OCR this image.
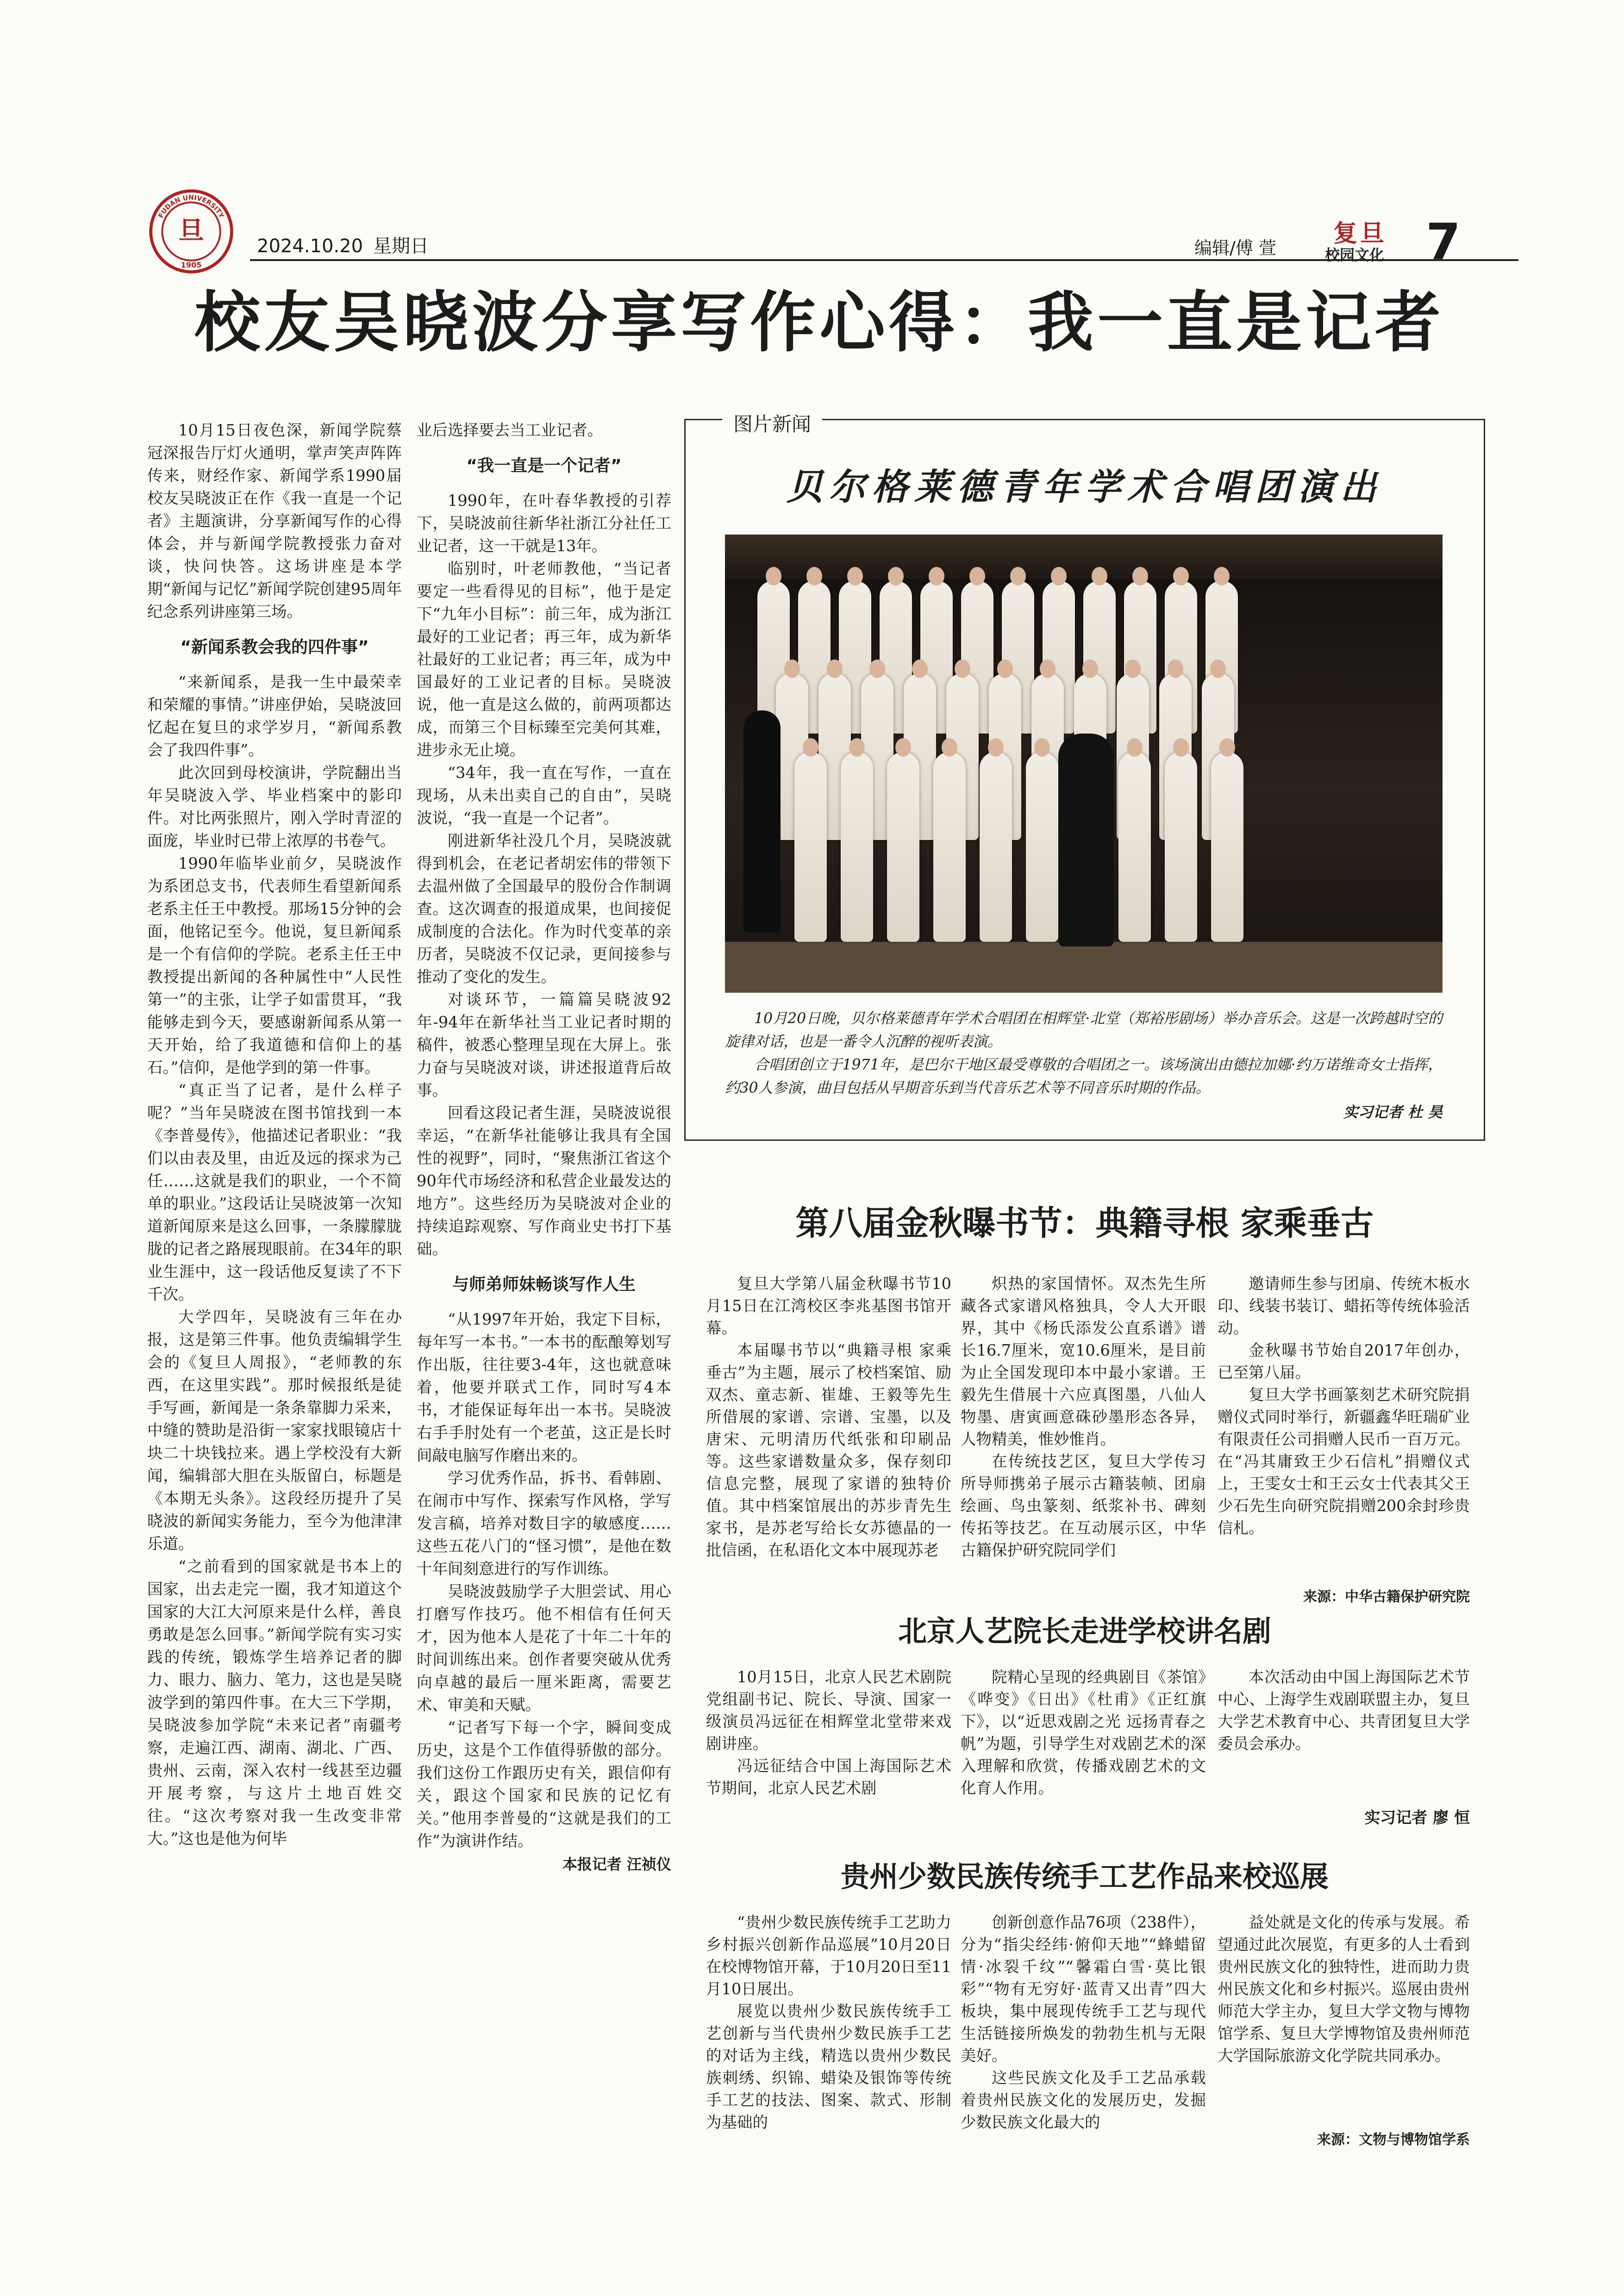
FUDAN UNIVERSITY
旦
1905
2024.10.20 星期日	编辑/傅 萱
复旦
校园文化 7
校友吴晓波分享写作心得：我一直是记者

10月15日夜色深，新闻学院蔡冠深报告厅灯火通明，掌声笑声阵阵传来，财经作家、新闻学系1990届校友吴晓波正在作《我一直是一个记者》主题演讲，分享新闻写作的心得体会，并与新闻学院教授张力奋对谈，快问快答。这场讲座是本学期“新闻与记忆”新闻学院创建95周年纪念系列讲座第三场。

“新闻系教会我的四件事”

“来新闻系，是我一生中最荣幸和荣耀的事情。”讲座伊始，吴晓波回忆起在复旦的求学岁月，“新闻系教会了我四件事”。

此次回到母校演讲，学院翻出当年吴晓波入学、毕业档案中的影印件。对比两张照片，刚入学时青涩的面庞，毕业时已带上浓厚的书卷气。

1990年临毕业前夕，吴晓波作为系团总支书，代表师生看望新闻系老系主任王中教授。那场15分钟的会面，他铭记至今。他说，复旦新闻系是一个有信仰的学院。老系主任王中教授提出新闻的各种属性中“人民性第一”的主张，让学子如雷贯耳，“我能够走到今天，要感谢新闻系从第一天开始，给了我道德和信仰上的基石。”信仰，是他学到的第一件事。

“真正当了记者，是什么样子呢？”当年吴晓波在图书馆找到一本《李普曼传》，他描述记者职业：“我们以由表及里，由近及远的探求为己任……这就是我们的职业，一个不简单的职业。”这段话让吴晓波第一次知道新闻原来是这么回事，一条朦朦胧胧的记者之路展现眼前。在34年的职业生涯中，这一段话他反复读了不下千次。

大学四年，吴晓波有三年在办报，这是第三件事。他负责编辑学生会的《复旦人周报》，“老师教的东西，在这里实践”。那时候报纸是徒手写画，新闻是一条条靠脚力采来，中缝的赞助是沿街一家家找眼镜店十块二十块钱拉来。遇上学校没有大新闻，编辑部大胆在头版留白，标题是《本期无头条》。这段经历提升了吴晓波的新闻实务能力，至今为他津津乐道。

“之前看到的国家就是书本上的国家，出去走完一圈，我才知道这个国家的大江大河原来是什么样，善良勇敢是怎么回事。”新闻学院有实习实践的传统，锻炼学生培养记者的脚力、眼力、脑力、笔力，这也是吴晓波学到的第四件事。在大三下学期，吴晓波参加学院“未来记者”南疆考察，走遍江西、湖南、湖北、广西、贵州、云南，深入农村一线甚至边疆开展考察，与这片土地百姓交往。“这次考察对我一生改变非常大。”这也是他为何毕

业后选择要去当工业记者。

“我一直是一个记者”

1990年，在叶春华教授的引荐下，吴晓波前往新华社浙江分社任工业记者，这一干就是13年。

临别时，叶老师教他，“当记者要定一些看得见的目标”，他于是定下“九年小目标”：前三年，成为浙江最好的工业记者；再三年，成为新华社最好的工业记者；再三年，成为中国最好的工业记者的目标。吴晓波说，他一直是这么做的，前两项都达成，而第三个目标臻至完美何其难，进步永无止境。

“34年，我一直在写作，一直在现场，从未出卖自己的自由”，吴晓波说，“我一直是一个记者”。

刚进新华社没几个月，吴晓波就得到机会，在老记者胡宏伟的带领下去温州做了全国最早的股份合作制调查。这次调查的报道成果，也间接促成制度的合法化。作为时代变革的亲历者，吴晓波不仅记录，更间接参与推动了变化的发生。

对谈环节，一篇篇吴晓波92年-94年在新华社当工业记者时期的稿件，被悉心整理呈现在大屏上。张力奋与吴晓波对谈，讲述报道背后故事。

回看这段记者生涯，吴晓波说很幸运，“在新华社能够让我具有全国性的视野”，同时，“聚焦浙江省这个90年代市场经济和私营企业最发达的地方”。这些经历为吴晓波对企业的持续追踪观察、写作商业史书打下基础。

与师弟师妹畅谈写作人生

“从1997年开始，我定下目标，每年写一本书。”一本书的酝酿筹划写作出版，往往要3-4年，这也就意味着，他要并联式工作，同时写4本书，才能保证每年出一本书。吴晓波右手手肘处有一个老茧，这正是长时间敲电脑写作磨出来的。

学习优秀作品，拆书、看韩剧、在闹市中写作、探索写作风格，学写发言稿，培养对数目字的敏感度……这些五花八门的“怪习惯”，是他在数十年间刻意进行的写作训练。

吴晓波鼓励学子大胆尝试、用心打磨写作技巧。他不相信有任何天才，因为他本人是花了十年二十年的时间训练出来。创作者要突破从优秀向卓越的最后一厘米距离，需要艺术、审美和天赋。

“记者写下每一个字，瞬间变成历史，这是个工作值得骄傲的部分。我们这份工作跟历史有关，跟信仰有关，跟这个国家和民族的记忆有关。”他用李普曼的“这就是我们的工作”为演讲作结。

本报记者 汪祯仪
图片新闻
贝尔格莱德青年学术合唱团演出

10月20日晚，贝尔格莱德青年学术合唱团在相辉堂·北堂（郑裕彤剧场）举办音乐会。这是一次跨越时空的旋律对话，也是一番令人沉醉的视听表演。

合唱团创立于1971年，是巴尔干地区最受尊敬的合唱团之一。该场演出由德拉加娜·约万诺维奇女士指挥，约30人参演，曲目包括从早期音乐到当代音乐艺术等不同音乐时期的作品。

实习记者 杜 昊
第八届金秋曝书节：典籍寻根 家乘垂古

复旦大学第八届金秋曝书节10月15日在江湾校区李兆基图书馆开幕。

本届曝书节以“典籍寻根 家乘垂古”为主题，展示了校档案馆、励双杰、童志新、崔雄、王毅等先生所借展的家谱、宗谱、宝墨，以及唐宋、元明清历代纸张和印刷品等。这些家谱数量众多，保存刻印信息完整，展现了家谱的独特价值。其中档案馆展出的苏步青先生家书，是苏老写给长女苏德晶的一批信函，在私语化文本中展现苏老

炽热的家国情怀。双杰先生所藏各式家谱风格独具，令人大开眼界，其中《杨氏添发公直系谱》谱长16.7厘米，宽10.6厘米，是目前为止全国发现印本中最小家谱。王毅先生借展十六应真图墨，八仙人物墨、唐寅画意硃砂墨形态各异，人物精美，惟妙惟肖。

在传统技艺区，复旦大学传习所导师携弟子展示古籍装帧、团扇绘画、鸟虫篆刻、纸浆补书、碑刻传拓等技艺。在互动展示区，中华古籍保护研究院同学们

邀请师生参与团扇、传统木板水印、线装书装订、蜡拓等传统体验活动。

金秋曝书节始自2017年创办，已至第八届。

复旦大学书画篆刻艺术研究院捐赠仪式同时举行，新疆鑫华旺瑞矿业有限责任公司捐赠人民币一百万元。在“冯其庸致王少石信札”捐赠仪式上，王雯女士和王云女士代表其父王少石先生向研究院捐赠200余封珍贵信札。

来源：中华古籍保护研究院
北京人艺院长走进学校讲名剧

10月15日，北京人民艺术剧院党组副书记、院长、导演、国家一级演员冯远征在相辉堂北堂带来戏剧讲座。

冯远征结合中国上海国际艺术节期间，北京人民艺术剧

院精心呈现的经典剧目《茶馆》《哗变》《日出》《杜甫》《正红旗下》，以“近思戏剧之光 远扬青春之帆”为题，引导学生对戏剧艺术的深入理解和欣赏，传播戏剧艺术的文化育人作用。

本次活动由中国上海国际艺术节中心、上海学生戏剧联盟主办，复旦大学艺术教育中心、共青团复旦大学委员会承办。

实习记者 廖 恒
贵州少数民族传统手工艺作品来校巡展

“贵州少数民族传统手工艺助力乡村振兴创新作品巡展”10月20日在校博物馆开幕，于10月20日至11月10日展出。

展览以贵州少数民族传统手工艺创新与当代贵州少数民族手工艺的对话为主线，精选以贵州少数民族刺绣、织锦、蜡染及银饰等传统手工艺的技法、图案、款式、形制为基础的

创新创意作品76项（238件），分为“指尖经纬·俯仰天地”“蜂蜡留情·冰裂千纹”“馨霜白雪·莫比银彩”“物有无穷好·蓝青又出青”四大板块，集中展现传统手工艺与现代生活链接所焕发的勃勃生机与无限美好。

这些民族文化及手工艺品承载着贵州民族文化的发展历史，发掘少数民族文化最大的

益处就是文化的传承与发展。希望通过此次展览，有更多的人士看到贵州民族文化的独特性，进而助力贵州民族文化和乡村振兴。巡展由贵州师范大学主办，复旦大学文物与博物馆学系、复旦大学博物馆及贵州师范大学国际旅游文化学院共同承办。

来源：文物与博物馆学系
